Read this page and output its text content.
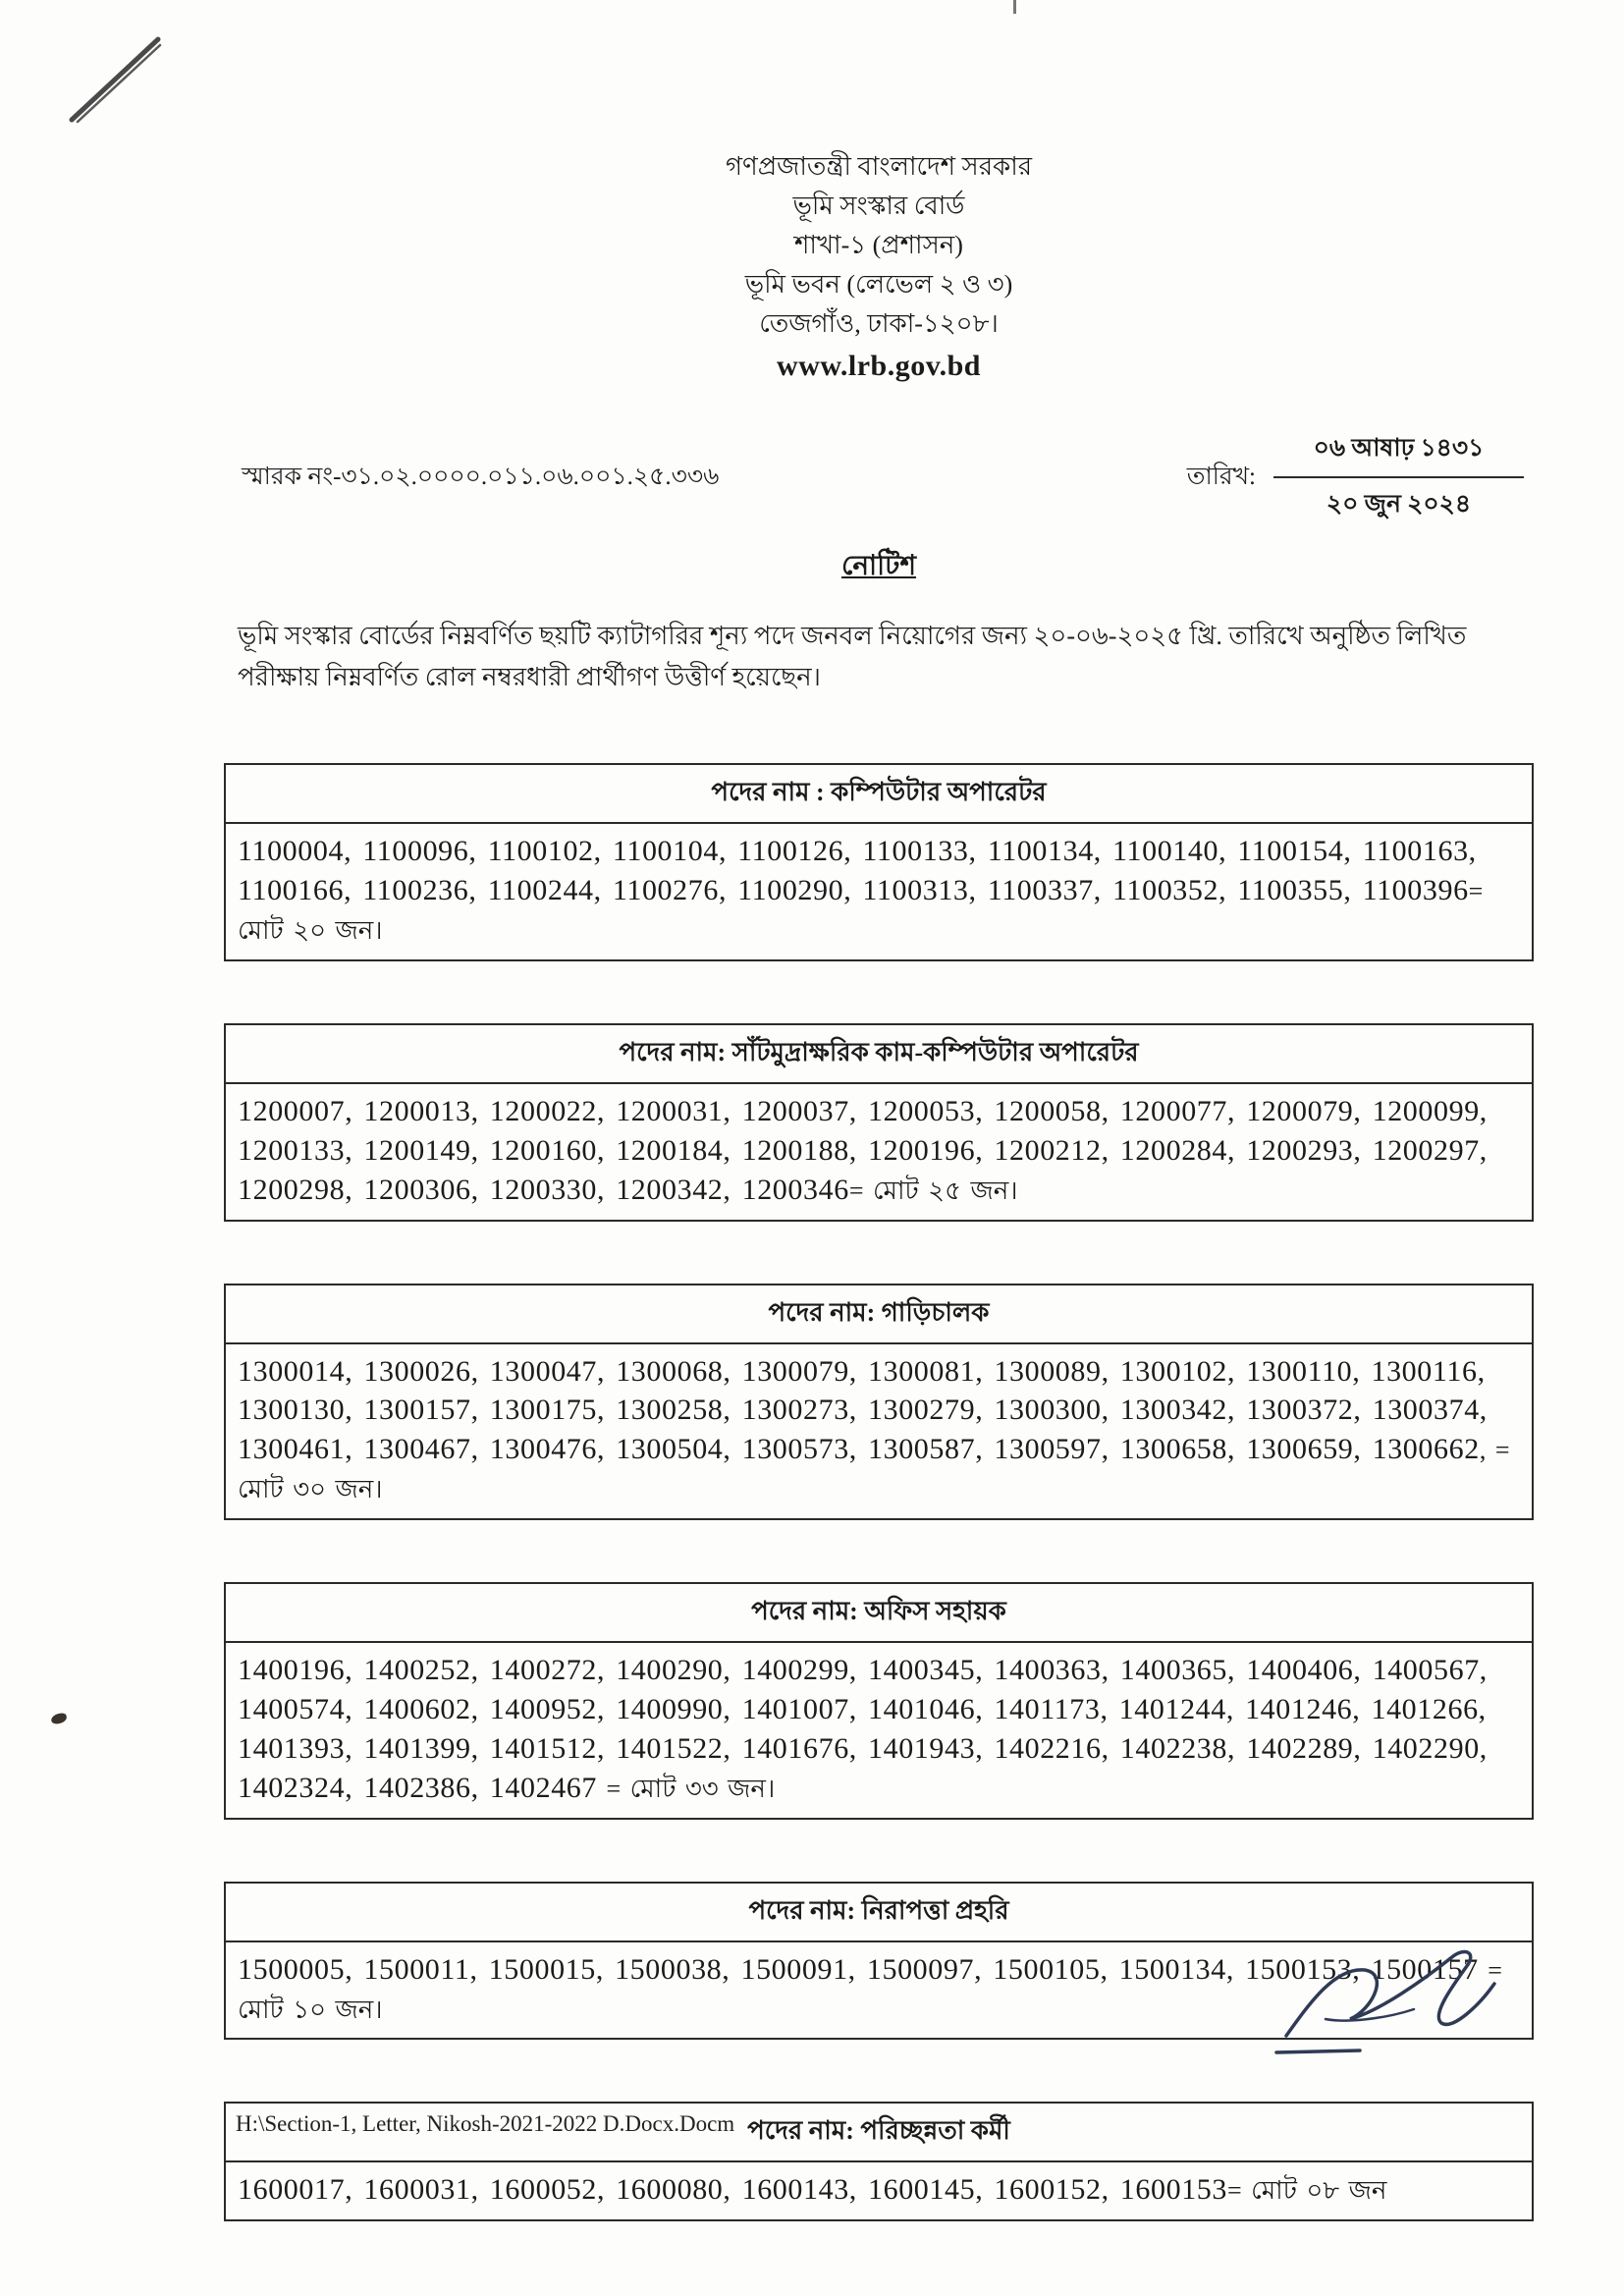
গণপ্রজাতন্ত্রী বাংলাদেশ সরকার
ভূমি সংস্কার বোর্ড
শাখা-১ (প্রশাসন)
ভূমি ভবন (লেভেল ২ ও ৩)
তেজগাঁও, ঢাকা-১২০৮।
www.lrb.gov.bd
স্মারক নং-৩১.০২.০০০০.০১১.০৬.০০১.২৫.৩৩৬	তারিখ:
০৬ আষাঢ় ১৪৩১
২০ জুন ২০২৪
নোটিশ
ভূমি সংস্কার বোর্ডের নিম্নবর্ণিত ছয়টি ক্যাটাগরির শূন্য পদে জনবল নিয়োগের জন্য ২০-০৬-২০২৫ খ্রি. তারিখে অনুষ্ঠিত লিখিত পরীক্ষায় নিম্নবর্ণিত রোল নম্বরধারী প্রার্থীগণ উত্তীর্ণ হয়েছেন।
পদের নাম : কম্পিউটার অপারেটর
1100004, 1100096, 1100102, 1100104, 1100126, 1100133, 1100134, 1100140, 1100154, 1100163, 1100166, 1100236, 1100244, 1100276, 1100290, 1100313, 1100337, 1100352, 1100355, 1100396= মোট ২০ জন।
পদের নাম: সাঁটমুদ্রাক্ষরিক কাম-কম্পিউটার অপারেটর
1200007, 1200013, 1200022, 1200031, 1200037, 1200053, 1200058, 1200077, 1200079, 1200099, 1200133, 1200149, 1200160, 1200184, 1200188, 1200196, 1200212, 1200284, 1200293, 1200297, 1200298, 1200306, 1200330, 1200342, 1200346= মোট ২৫ জন।
পদের নাম: গাড়িচালক
1300014, 1300026, 1300047, 1300068, 1300079, 1300081, 1300089, 1300102, 1300110, 1300116, 1300130, 1300157, 1300175, 1300258, 1300273, 1300279, 1300300, 1300342, 1300372, 1300374, 1300461, 1300467, 1300476, 1300504, 1300573, 1300587, 1300597, 1300658, 1300659, 1300662, = মোট ৩০ জন।
পদের নাম: অফিস সহায়ক
1400196, 1400252, 1400272, 1400290, 1400299, 1400345, 1400363, 1400365, 1400406, 1400567, 1400574, 1400602, 1400952, 1400990, 1401007, 1401046, 1401173, 1401244, 1401246, 1401266, 1401393, 1401399, 1401512, 1401522, 1401676, 1401943, 1402216, 1402238, 1402289, 1402290, 1402324, 1402386, 1402467 = মোট ৩৩ জন।
পদের নাম: নিরাপত্তা প্রহরি
1500005, 1500011, 1500015, 1500038, 1500091, 1500097, 1500105, 1500134, 1500153, 1500157 = মোট ১০ জন।
পদের নাম: পরিচ্ছন্নতা কর্মী
1600017, 1600031, 1600052, 1600080, 1600143, 1600145, 1600152, 1600153= মোট ০৮ জন
H:\Section-1, Letter, Nikosh-2021-2022 D.Docx.Docm
